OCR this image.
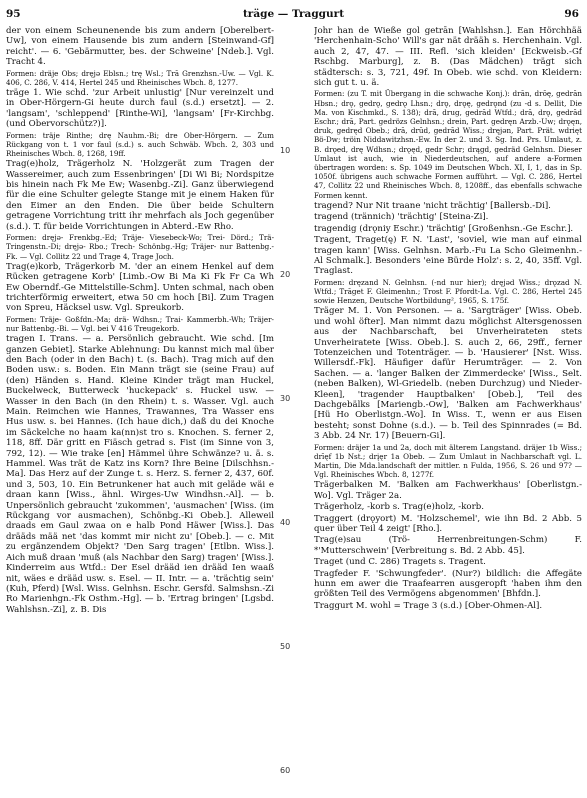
95	träge — Traggurt	96

der von einem Scheunenende bis zum andern [Oberelbert-Uw], von einem Hausende bis zum andern [Steinwand-Gf] reicht'. — 6. 'Gebärmutter, bes. der Schweine' [Ndeb.]. Vgl. Tracht 4.

Formen: dräje Obs; dręjǝ Eblsn.; trę Wsl.; Trā Grenzhsn.-Uw. — Vgl. K. 406, C. 286, V. 414, Hertel 245 und Rheinisches Wbch. 8, 1277.

träge 1. Wie schd. 'zur Arbeit unlustig' [Nur vereinzelt und in Ober-Hörgern-Gi heute durch faul (s.d.) ersetzt]. — 2. 'langsam', 'schleppend' [Rinthe-Wi], 'langsam' [Fr-Kirchbg. (und Obervorschütz?)].

Formen: träje Rinthe; drę Nauhm.-Bi; dre Ober-Hörgern. — Zum Rückgang von t. 1 vor faul (s.d.) s. auch Schwäb. Wbch. 2, 303 und Rheinisches Wbch. 8, 1268, 19ff.

Trag(e)holz, Trägerholz N. 'Holzgerät zum Tragen der Wassereimer, auch zum Essenbringen' [Di Wi Bi; Nordspitze bis hinein nach Fk Me Ew; Wasenbg.-Zi]. Ganz überwiegend für die eine Schulter gelegte Stange mit je einem Haken für den Eimer an den Enden. Die über beide Schultern getragene Vorrichtung tritt ihr mehrfach als Joch gegenüber (s.d.). T. für beide Vorrichtungen in Abterd.-Ew Rho.

Formen: dręjǝ- Frenkbg.-Ed; Träje- Viesebeck-Wo; Trei- Dörd.; Trä- Tringenstn.-Di; dręjǝ- Rbo.; Trech- Schönbg.-Hg; Träjer- nur Battenbg.-Fk. — Vgl. Collitz 22 und Trage 4, Trage Joch.

Trag(e)korb, Trägerkorb M. 'der an einem Henkel auf dem Rücken getragene Korb' [Limb.-Ow Bi Ma Ki Fk Fr Ca Wh Ew Oberndf.-Ge Mittelstille-Schm]. Unten schmal, nach oben trichterförmig erweitert, etwa 50 cm hoch [Bi]. Zum Tragen von Spreu, Häcksel usw. Vgl. Spreukorb.

Formen: Träje- Goßfdn.-Ma; drä- Wdhsn.; Trai- Kammerbh.-Wh; Träjer- nur Battenbg.-Bi. — Vgl. bei V 416 Treugekorb.

tragen I. Trans. — a. Persönlich gebraucht. Wie schd. [Im ganzen Gebiet]. Starke Ablehnung: Du kannst mich mal über den Bach (oder in den Bach) t. (s. Bach). Trag mich auf den Boden usw.: s. Boden. Ein Mann trägt sie (seine Frau) auf (den) Händen s. Hand. Kleine Kinder trägt man Huckel, Buckelweck, Butterweck 'huckepack' s. Huckel usw. — Wasser in den Bach (in den Rhein) t. s. Wasser. Vgl. auch Main. Reimchen wie Hannes, Trawannes, Tra Wasser ens Hus usw. s. bei Hannes. (Ich haue dich,) daß du dei Knoche im Säckelche no haam ka(nn)st tro s. Knochen. S. ferner 2, 118, 8ff. Där gritt en Fiäsch getrad s. Fist (im Sinne von 3, 792, 12). — Wie trake [en] Hämmel ühre Schwänze? u. ä. s. Hammel. Was trät de Katz ins Korn? Ihre Beine [Dilschhsn.-Ma]. Das Herz auf der Zunge t. s. Herz. S. ferner 2, 437, 60f. und 3, 503, 10. Ein Betrunkener hat auch mit geläde wäi e draan kann [Wiss., ähnl. Wirges-Uw Windhsn.-Al]. — b. Unpersönlich gebraucht 'zukommen', 'ausmachen' [Wiss. (im Rückgang vor ausmachen), Schönbg.-Ki Obeb.]. Alleweil draads em Gaul zwaa on e halb Pond Häwer [Wiss.]. Das drääds mää net 'das kommt mir nicht zu' [Obeb.]. — c. Mit zu ergänzendem Objekt? 'Den Sarg tragen' [Etlbn. Wiss.]. Aich muß draan 'muß (als Nachbar den Sarg) tragen' [Wiss.]. Kinderreim aus Wtfd.: Der Esel drääd ien drääd Ien waaß nit, wäes e drääd usw. s. Esel. — II. Intr. — a. 'trächtig sein' (Kuh, Pferd) [Wsl. Wiss. Gelnhsn. Eschr. Gersfd. Salmshsn.-Zi Ro Marienhgn.-Fk Osthm.-Hg]. — b. 'Ertrag bringen' [Lgsbd. Wahlshsn.-Zi], z. B. Dis

10
20
30
40
50
60

Johr han de Wieße gol getrān [Wahlshsn.]. Ean Hörchhää 'Herchenhain-Scho' Will's gar nät drääh s. Herchenhain. Vgl. auch 2, 47, 47. — III. Refl. 'sich kleiden' [Eckweisb.-Gf Rschbg. Marburg], z. B. (Das Mädchen) trägt sich städtersch: s. 3, 721, 49f. In Obeb. wie schd. von Kleidern: sich gut t. u. ä.

Formen: (zu T. mit Übergang in die schwache Konj.): drān, drōę, gedrān Hbsn.; drǫ, gedrǫ, gedrǫ Lhsn.; drǫ, drǫę, gedrǫnd (zu -d s. Dellit, Die Ma. von Kischmkd., S. 138); drā, drug, gedrād Wtfd.; drā, drǫ, gedrād Eschr.; drā, Part. gedrözs Gelnhsn.; drein, Part. gedręn Arzb.-Uw; drǫęn, druk, gedręd Obeb.; drā, drūd, gedrād Wiss.; dręjǝn, Part. Prät. wdrięt Bö-Dw; tröin Niddawitzhsn.-Ew. In der 2. und 3. Sg. Ind. Prs. Umlaut, z. B. drǫed, drę Wdhsn.; drǫęd, gedr Schr; drągd, gedräd Gelnhsn. Dieser Umlaut ist auch, wie in Niederdeutschen, auf andere a-Formen übertragen worden: s. Sp. 1049 im Deutschen Wbch. XI, I, 1, das in Sp. 1050f. übrigens auch schwache Formen aufführt. — Vgl. C. 286, Hertel 47, Collitz 22 und Rheinisches Wbch. 8, 1208ff., das ebenfalls schwache Formen kennt.

tragend? Nur Nit traane 'nicht trächtig' [Ballersb.-Di].

tragend (trännich) 'trächtig' [Steina-Zi].

tragendig (drǫniy Eschr.) 'trächtig' [Großenhsn.-Ge Eschr.].

Tragent, Traget(ę) F. N. 'Last', 'soviel, wie man auf einmal tragen kann' [Wiss. Gelnhsn. Marb.-Fu La Scho Gleimenhn.-Al Schmalk.]. Besonders 'eine Bürde Holz': s. 2, 40, 35ff. Vgl. Traglast.

Formen: dręzand N. Gelnhsn. (-nd nur hier); dręjǝd Wiss.; drǫzad N. Wtfd.; Trāget F. Gleimenhn.; Trost F. Pfordt-La. Vgl. C. 286, Hertel 245 sowie Henzen, Deutsche Wortbildung², 1965, S. 175f.

Träger M. 1. Von Personen. — a. 'Sargträger' [Wiss. Obeb. und wohl öfter]. Man nimmt dazu möglichst Altersgenossen aus der Nachbarschaft, bei Unverheirateten stets Unverheiratete [Wiss. Obeb.]. S. auch 2, 66, 29ff., ferner Totenzeichen und Totenträger. — b. 'Hausierer' [Nst. Wiss. Willersdf.-Fk]. Häufiger dafür Herumträger. — 2. Von Sachen. — a. 'langer Balken der Zimmerdecke' [Wiss., Selt. (neben Balken), Wl-Griedelb. (neben Durchzug) und Nieder-Kleen], 'tragender Hauptbalken' [Obeb.], 'Teil des Dachgebälks [Mariengb.-Ow], 'Balken am Fachwerkhaus' [Hü Ho Oberlistgn.-Wo]. In Wiss. T., wenn er aus Eisen besteht; sonst Dohne (s.d.). — b. Teil des Spinnrades (= Bd. 3 Abb. 24 Nr. 17) [Beuern-Gi].

Formen: dräjer 1a und 2a, doch mit älterem Langstand. dräjer 1b Wiss.; drīęf 1b Nst.; drįęr 1a Obeb. — Zum Umlaut in Nachbarschaft vgl. L. Martin, Die Mda.landschaft der mittler. n Fulda, 1956, S. 26 und 97? — Vgl. Rheinisches Wbch. 8, 1277f.

Trägerbalken M. 'Balken am Fachwerkhaus' [Oberlistgn.-Wo]. Vgl. Träger 2a.

Trägerholz, -korb s. Trag(e)holz, -korb.

Traggert (drǫyort) M. 'Holzschemel', wie ihn Bd. 2 Abb. 5 quer über Teil 4 zeigt' [Rho.].

Trag(e)sau (Trö- Herrenbreitungen-Schm) F. *'Mutterschwein' [Verbreitung s. Bd. 2 Abb. 45].

Traget (und C. 286) Tragets s. Tragent.

Tragfeder F. 'Schwungfeder'. (Nur?) bildlich: die Affegäte hunn em awer die Traafearren ausgeropft 'haben ihm den größten Teil des Vermögens abgenommen' [Bhfdn.].

Traggurt M. wohl = Trage 3 (s.d.) [Ober-Ohmen-Al].
